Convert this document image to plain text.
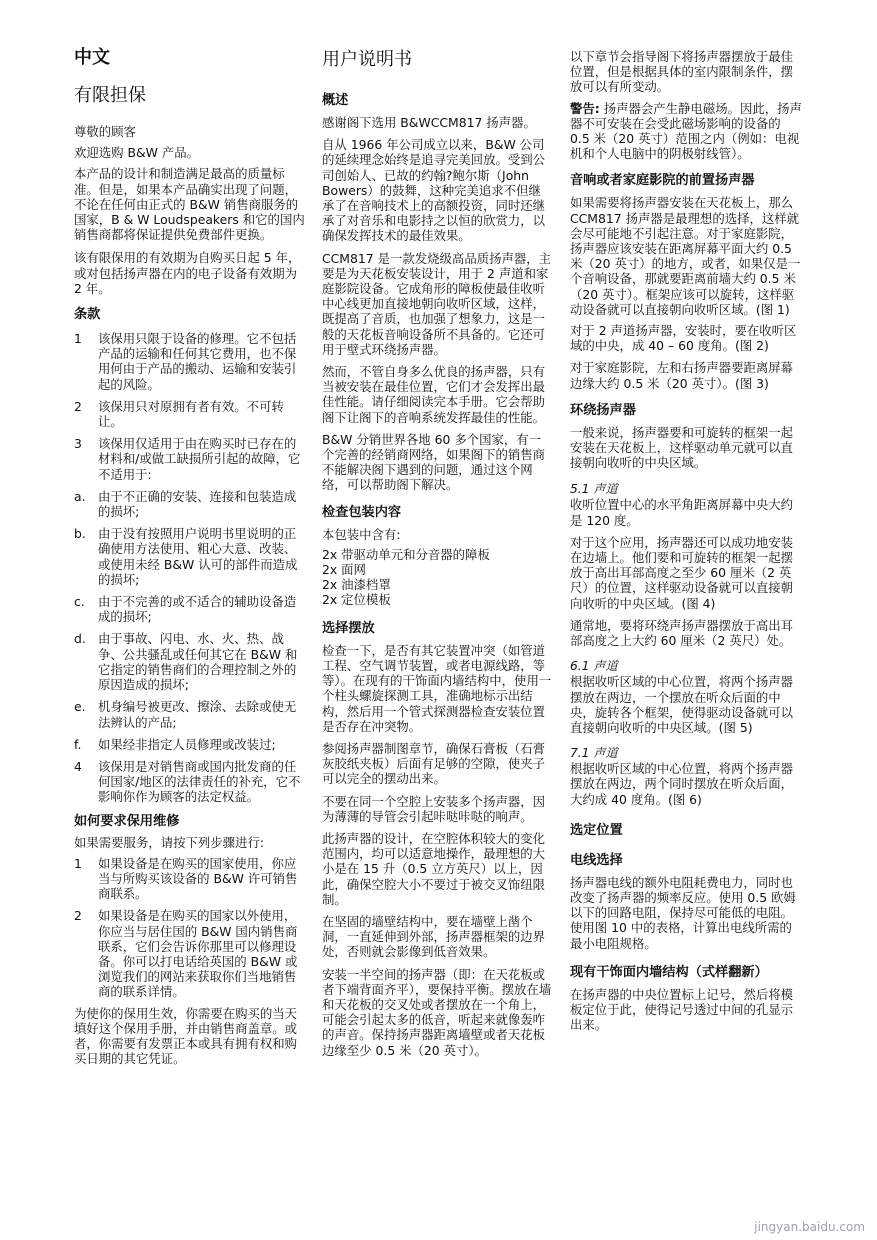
中文
有限担保

尊敬的顾客

欢迎选购 B&W 产品。

本产品的设计和制造满足最高的质量标准。但是，如果本产品确实出现了问题，不论在任何由正式的 B&W 销售商服务的国家，B & W Loudspeakers 和它的国内销售商都将保证提供免费部件更换。

该有限保用的有效期为自购买日起 5 年，或对包括扬声器在内的电子设备有效期为 2 年。

条款
1	该保用只限于设备的修理。它不包括产品的运输和任何其它费用，也不保用何由于产品的搬动、运输和安装引起的风险。
2	该保用只对原拥有者有效。不可转让。
3	该保用仅适用于由在购买时已存在的材料和/或做工缺损所引起的故障，它不适用于:
a.	由于不正确的安装、连接和包装造成的损坏;
b. 由于没有按照用户说明书里说明的正确使用方法使用、粗心大意、改装、或使用未经 B&W 认可的部件而造成的损坏;
c.	由于不完善的或不适合的辅助设备造成的损坏;
d. 由于事故、闪电、水、火、热、战争、公共骚乱或任何其它在 B&W 和它指定的销售商们的合理控制之外的原因造成的损坏;
e.	机身编号被更改、擦涂、去除或使无法辨认的产品;
f.	如果经非指定人员修理或改装过;
4	该保用是对销售商或国内批发商的任何国家/地区的法律责任的补充，它不影响你作为顾客的法定权益。
如何要求保用维修

如果需要服务，请按下列步骤进行:

1	如果设备是在购买的国家使用，你应当与所购买该设备的 B&W 许可销售商联系。
2	如果设备是在购买的国家以外使用，你应当与居住国的 B&W 国内销售商联系，它们会告诉你那里可以修理设备。你可以打电话给英国的 B&W 或浏览我们的网站来获取你们当地销售商的联系详情。

为使你的保用生效，你需要在购买的当天填好这个保用手册，并由销售商盖章。或者，你需要有发票正本或具有拥有权和购买日期的其它凭证。

用户说明书
概述

感谢阁下选用 B&WCCM817 扬声器。

自从 1966 年公司成立以来，B&W 公司的延续理念始终是追寻完美回放。受到公司创始人、已故的约翰?鲍尔斯（John Bowers）的鼓舞，这种完美追求不但继承了在音响技术上的高额投资，同时还继承了对音乐和电影持之以恒的欣赏力，以确保发挥技术的最佳效果。

CCM817 是一款发烧级高品质扬声器，主要是为天花板安装设计，用于 2 声道和家庭影院设备。它成角形的障板使最佳收听中心线更加直接地朝向收听区域，这样，既提高了音质，也加强了想象力，这是一般的天花板音响设备所不具备的。它还可用于壁式环绕扬声器。

然而，不管自身多么优良的扬声器，只有当被安装在最佳位置，它们才会发挥出最佳性能。请仔细阅读完本手册。它会帮助阁下让阁下的音响系统发挥最佳的性能。

B&W 分销世界各地 60 多个国家，有一个完善的经销商网络，如果阁下的销售商不能解决阁下遇到的问题，通过这个网络，可以帮助阁下解决。

检查包装内容

本包装中含有:

2x 带驱动单元和分音器的障板

2x 面网

2x 油漆档罩

2x 定位模板

选择摆放

检查一下，是否有其它装置冲突（如管道工程、空气调节装置，或者电源线路，等等）。在现有的干饰面内墙结构中，使用一个柱头螺旋探测工具，准确地标示出结构，然后用一个管式探测器检查安装位置是否存在冲突物。

参阅扬声器制图章节，确保石膏板（石膏灰胶纸夹板）后面有足够的空隙，使夹子可以完全的摆动出来。

不要在同一个空腔上安装多个扬声器，因为薄薄的导管会引起咔哒咔哒的响声。

此扬声器的设计，在空腔体积较大的变化范围内，均可以适意地操作，最理想的大小是在 15 升（0.5 立方英尺）以上，因此，确保空腔大小不要过于被交叉饰纽限制。

在坚固的墙壁结构中，要在墙壁上凿个洞，一直延伸到外部，扬声器框架的边界处，否则就会影像到低音效果。

安装一半空间的扬声器（即：在天花板或者下端背面齐平），要保持平衡。摆放在墙和天花板的交叉处或者摆放在一个角上，可能会引起太多的低音，听起来就像轰咋的声音。保持扬声器距离墙壁或者天花板边缘至少 0.5 米（20 英寸）。

以下章节会指导阁下将扬声器摆放于最佳位置，但是根据具体的室内限制条件，摆放可以有所变动。

警告: 扬声器会产生静电磁场。因此，扬声器不可安装在会受此磁场影响的设备的 0.5 米（20 英寸）范围之内（例如：电视机和个人电脑中的阴极射线管）。

音响或者家庭影院的前置扬声器

如果需要将扬声器安装在天花板上，那么 CCM817 扬声器是最理想的选择，这样就会尽可能地不引起注意。对于家庭影院，扬声器应该安装在距离屏幕平面大约 0.5 米（20 英寸）的地方，或者，如果仅是一个音响设备，那就要距离前墙大约 0.5 米（20 英寸）。框架应该可以旋转，这样驱动设备就可以直接朝向收听区域。(图 1)

对于 2 声道扬声器，安装时，要在收听区域的中央，成 40 – 60 度角。(图 2)

对于家庭影院，左和右扬声器要距离屏幕边缘大约 0.5 米（20 英寸）。(图 3)

环绕扬声器

一般来说，扬声器要和可旋转的框架一起安装在天花板上，这样驱动单元就可以直接朝向收听的中央区域。

5.1 声道

收听位置中心的水平角距离屏幕中央大约是 120 度。

对于这个应用，扬声器还可以成功地安装在边墙上。他们要和可旋转的框架一起摆放于高出耳部高度之至少 60 厘米（2 英尺）的位置，这样驱动设备就可以直接朝向收听的中央区域。(图 4)

通常地，要将环绕声扬声器摆放于高出耳部高度之上大约 60 厘米（2 英尺）处。

6.1 声道

根据收听区域的中心位置，将两个扬声器摆放在两边，一个摆放在听众后面的中央，旋转各个框架，使得驱动设备就可以直接朝向收听的中央区域。(图 5)

7.1 声道

根据收听区域的中心位置，将两个扬声器摆放在两边，两个同时摆放在听众后面，大约成 40 度角。(图 6)

选定位置
电线选择

扬声器电线的额外电阻耗费电力，同时也改变了扬声器的频率反应。使用 0.5 欧姆以下的回路电阻，保持尽可能低的电阻。使用图 10 中的表格，计算出电线所需的最小电阻规格。

现有干饰面内墙结构（式样翻新）

在扬声器的中央位置标上记号，然后将模板定位于此，使得记号透过中间的孔显示出来。

jingyan.baidu.com
